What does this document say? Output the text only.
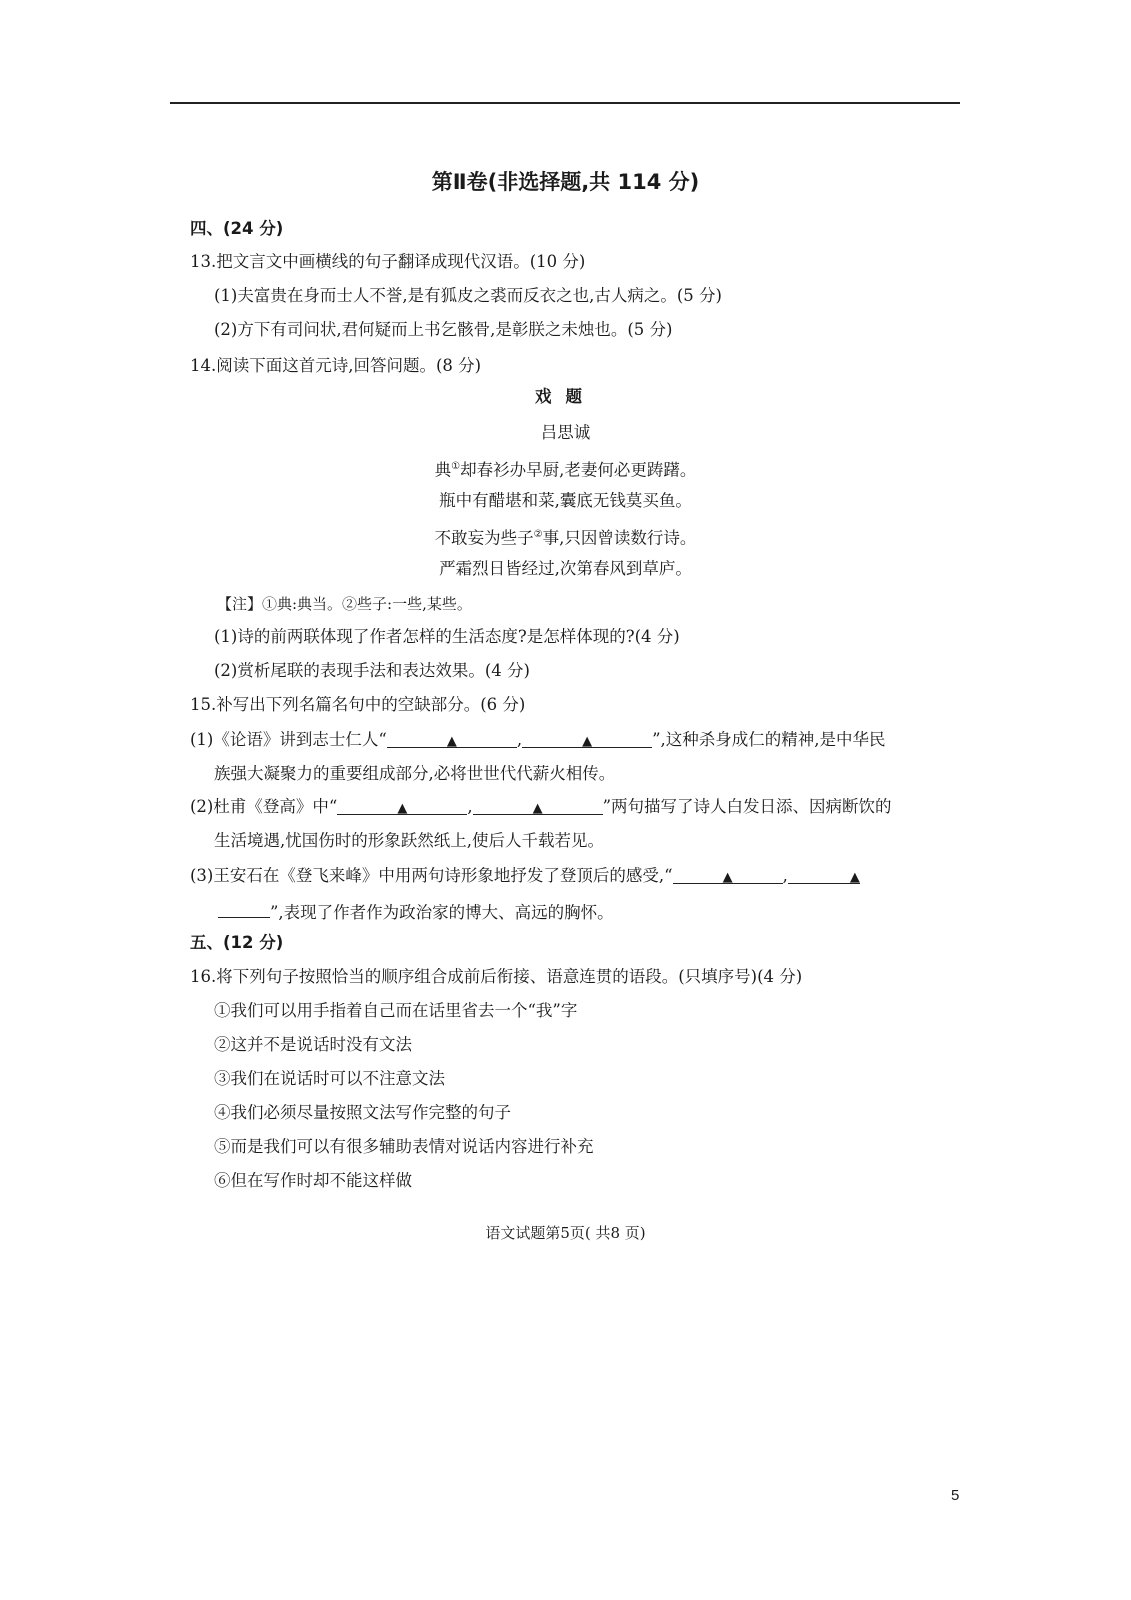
第Ⅱ卷(非选择题,共 114 分)
四、(24 分)
13.把文言文中画横线的句子翻译成现代汉语。(10 分)
(1)夫富贵在身而士人不誉,是有狐皮之裘而反衣之也,古人病之。(5 分)
(2)方下有司问状,君何疑而上书乞骸骨,是彰朕之未烛也。(5 分)
14.阅读下面这首元诗,回答问题。(8 分)
戏题
吕思诚
典①却春衫办早厨,老妻何必更踌躇。
瓶中有醋堪和菜,囊底无钱莫买鱼。
不敢妄为些子②事,只因曾读数行诗。
严霜烈日皆经过,次第春风到草庐。
【注】①典:典当。②些子:一些,某些。
(1)诗的前两联体现了作者怎样的生活态度?是怎样体现的?(4 分)
(2)赏析尾联的表现手法和表达效果。(4 分)
15.补写出下列名篇名句中的空缺部分。(6 分)
(1)《论语》讲到志士仁人“	▲	,	▲	”,这种杀身成仁的精神,是中华民
族强大凝聚力的重要组成部分,必将世世代代薪火相传。
(2)杜甫《登高》中“	▲	,	▲	”两句描写了诗人白发日添、因病断饮的
生活境遇,忧国伤时的形象跃然纸上,使后人千载若见。
(3)王安石在《登飞来峰》中用两句诗形象地抒发了登顶后的感受,“	▲	,	▲
”,表现了作者作为政治家的博大、高远的胸怀。
五、(12 分)
16.将下列句子按照恰当的顺序组合成前后衔接、语意连贯的语段。(只填序号)(4 分)
①我们可以用手指着自己而在话里省去一个“我”字
②这并不是说话时没有文法
③我们在说话时可以不注意文法
④我们必须尽量按照文法写作完整的句子
⑤而是我们可以有很多辅助表情对说话内容进行补充
⑥但在写作时却不能这样做
语文试题第5页( 共8 页)
5
